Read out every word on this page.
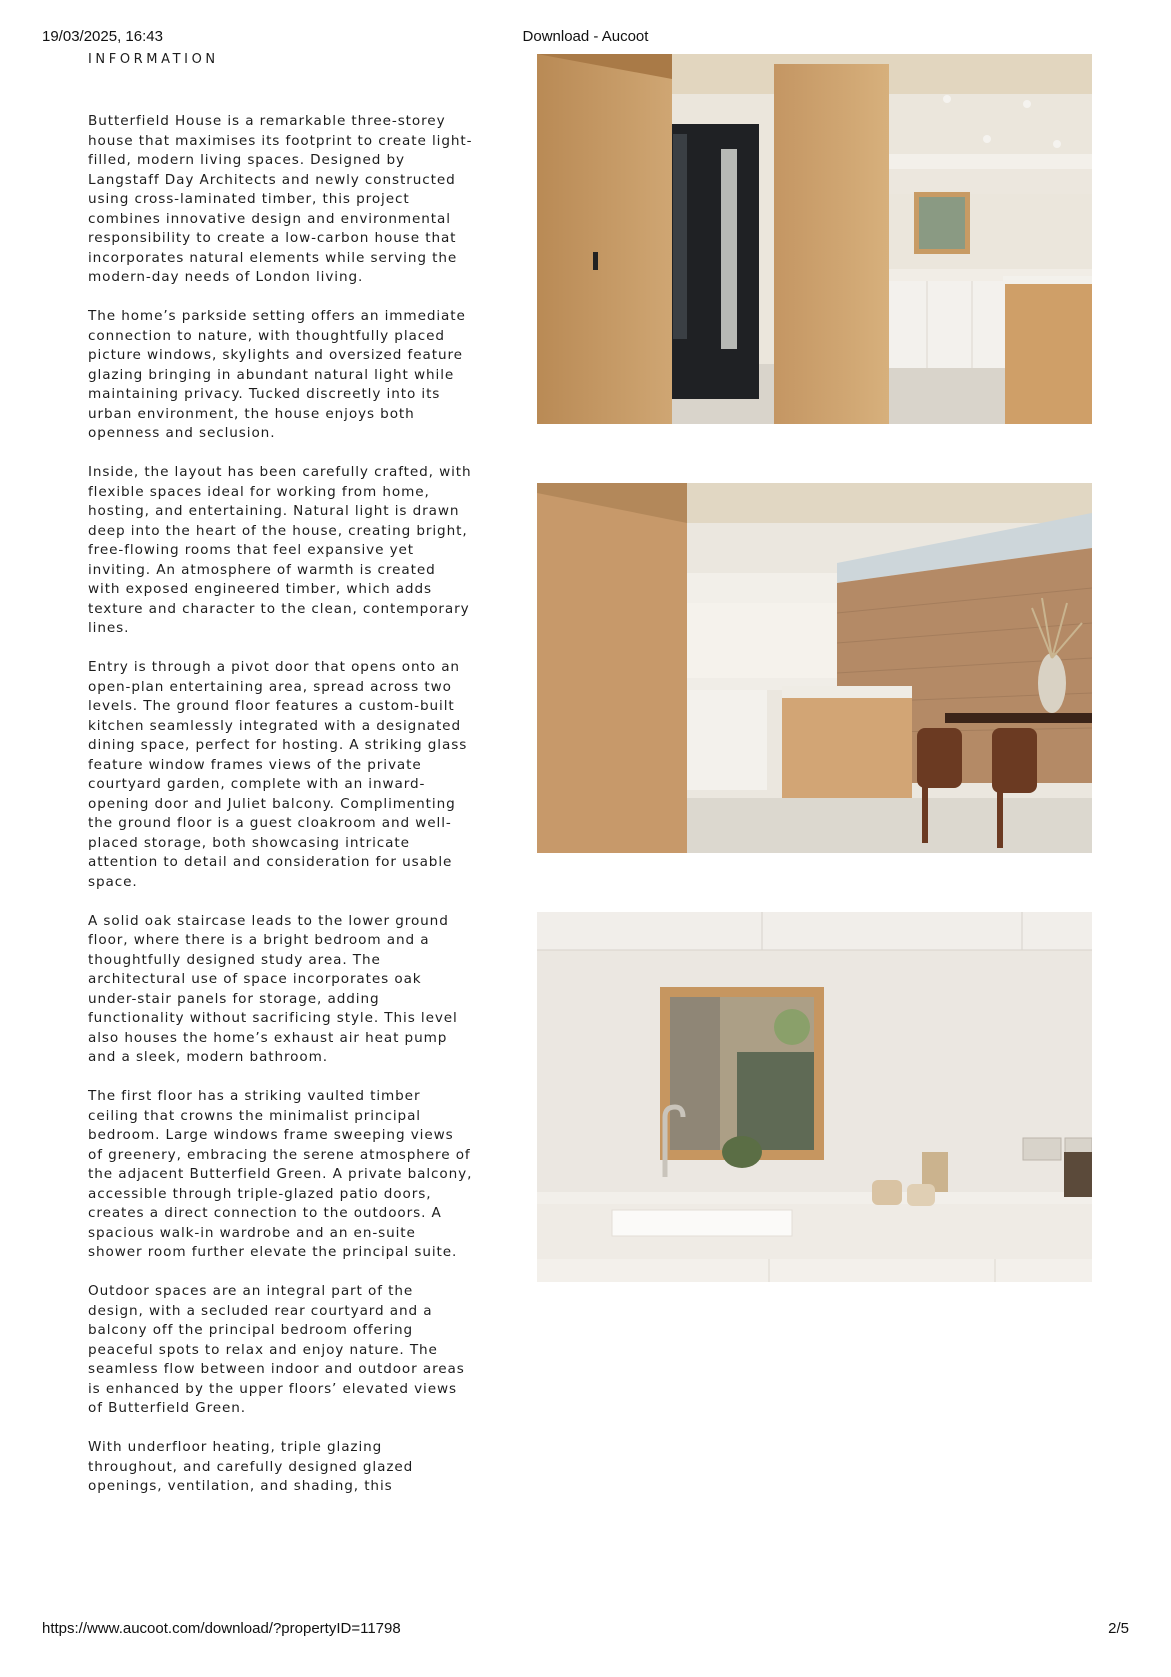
19/03/2025, 16:43	Download - Aucoot
INFORMATION

Butterfield House is a remarkable three-storey house that maximises its footprint to create light-filled, modern living spaces. Designed by Langstaff Day Architects and newly constructed using cross-laminated timber, this project combines innovative design and environmental responsibility to create a low-carbon house that incorporates natural elements while serving the modern-day needs of London living.

The home’s parkside setting offers an immediate connection to nature, with thoughtfully placed picture windows, skylights and oversized feature glazing bringing in abundant natural light while maintaining privacy. Tucked discreetly into its urban environment, the house enjoys both openness and seclusion.

Inside, the layout has been carefully crafted, with flexible spaces ideal for working from home, hosting, and entertaining. Natural light is drawn deep into the heart of the house, creating bright, free-flowing rooms that feel expansive yet inviting. An atmosphere of warmth is created with exposed engineered timber, which adds texture and character to the clean, contemporary lines.

Entry is through a pivot door that opens onto an open-plan entertaining area, spread across two levels. The ground floor features a custom-built kitchen seamlessly integrated with a designated dining space, perfect for hosting. A striking glass feature window frames views of the private courtyard garden, complete with an inward-opening door and Juliet balcony. Complimenting the ground floor is a guest cloakroom and well-placed storage, both showcasing intricate attention to detail and consideration for usable space.

A solid oak staircase leads to the lower ground floor, where there is a bright bedroom and a thoughtfully designed study area. The architectural use of space incorporates oak under-stair panels for storage, adding functionality without sacrificing style. This level also houses the home’s exhaust air heat pump and a sleek, modern bathroom.

The first floor has a striking vaulted timber ceiling that crowns the minimalist principal bedroom. Large windows frame sweeping views of greenery, embracing the serene atmosphere of the adjacent Butterfield Green. A private balcony, accessible through triple-glazed patio doors, creates a direct connection to the outdoors. A spacious walk-in wardrobe and an en-suite shower room further elevate the principal suite.

Outdoor spaces are an integral part of the design, with a secluded rear courtyard and a balcony off the principal bedroom offering peaceful spots to relax and enjoy nature. The seamless flow between indoor and outdoor areas is enhanced by the upper floors’ elevated views of Butterfield Green.

With underfloor heating, triple glazing throughout, and carefully designed glazed openings, ventilation, and shading, this

https://www.aucoot.com/download/?propertyID=11798	2/5
